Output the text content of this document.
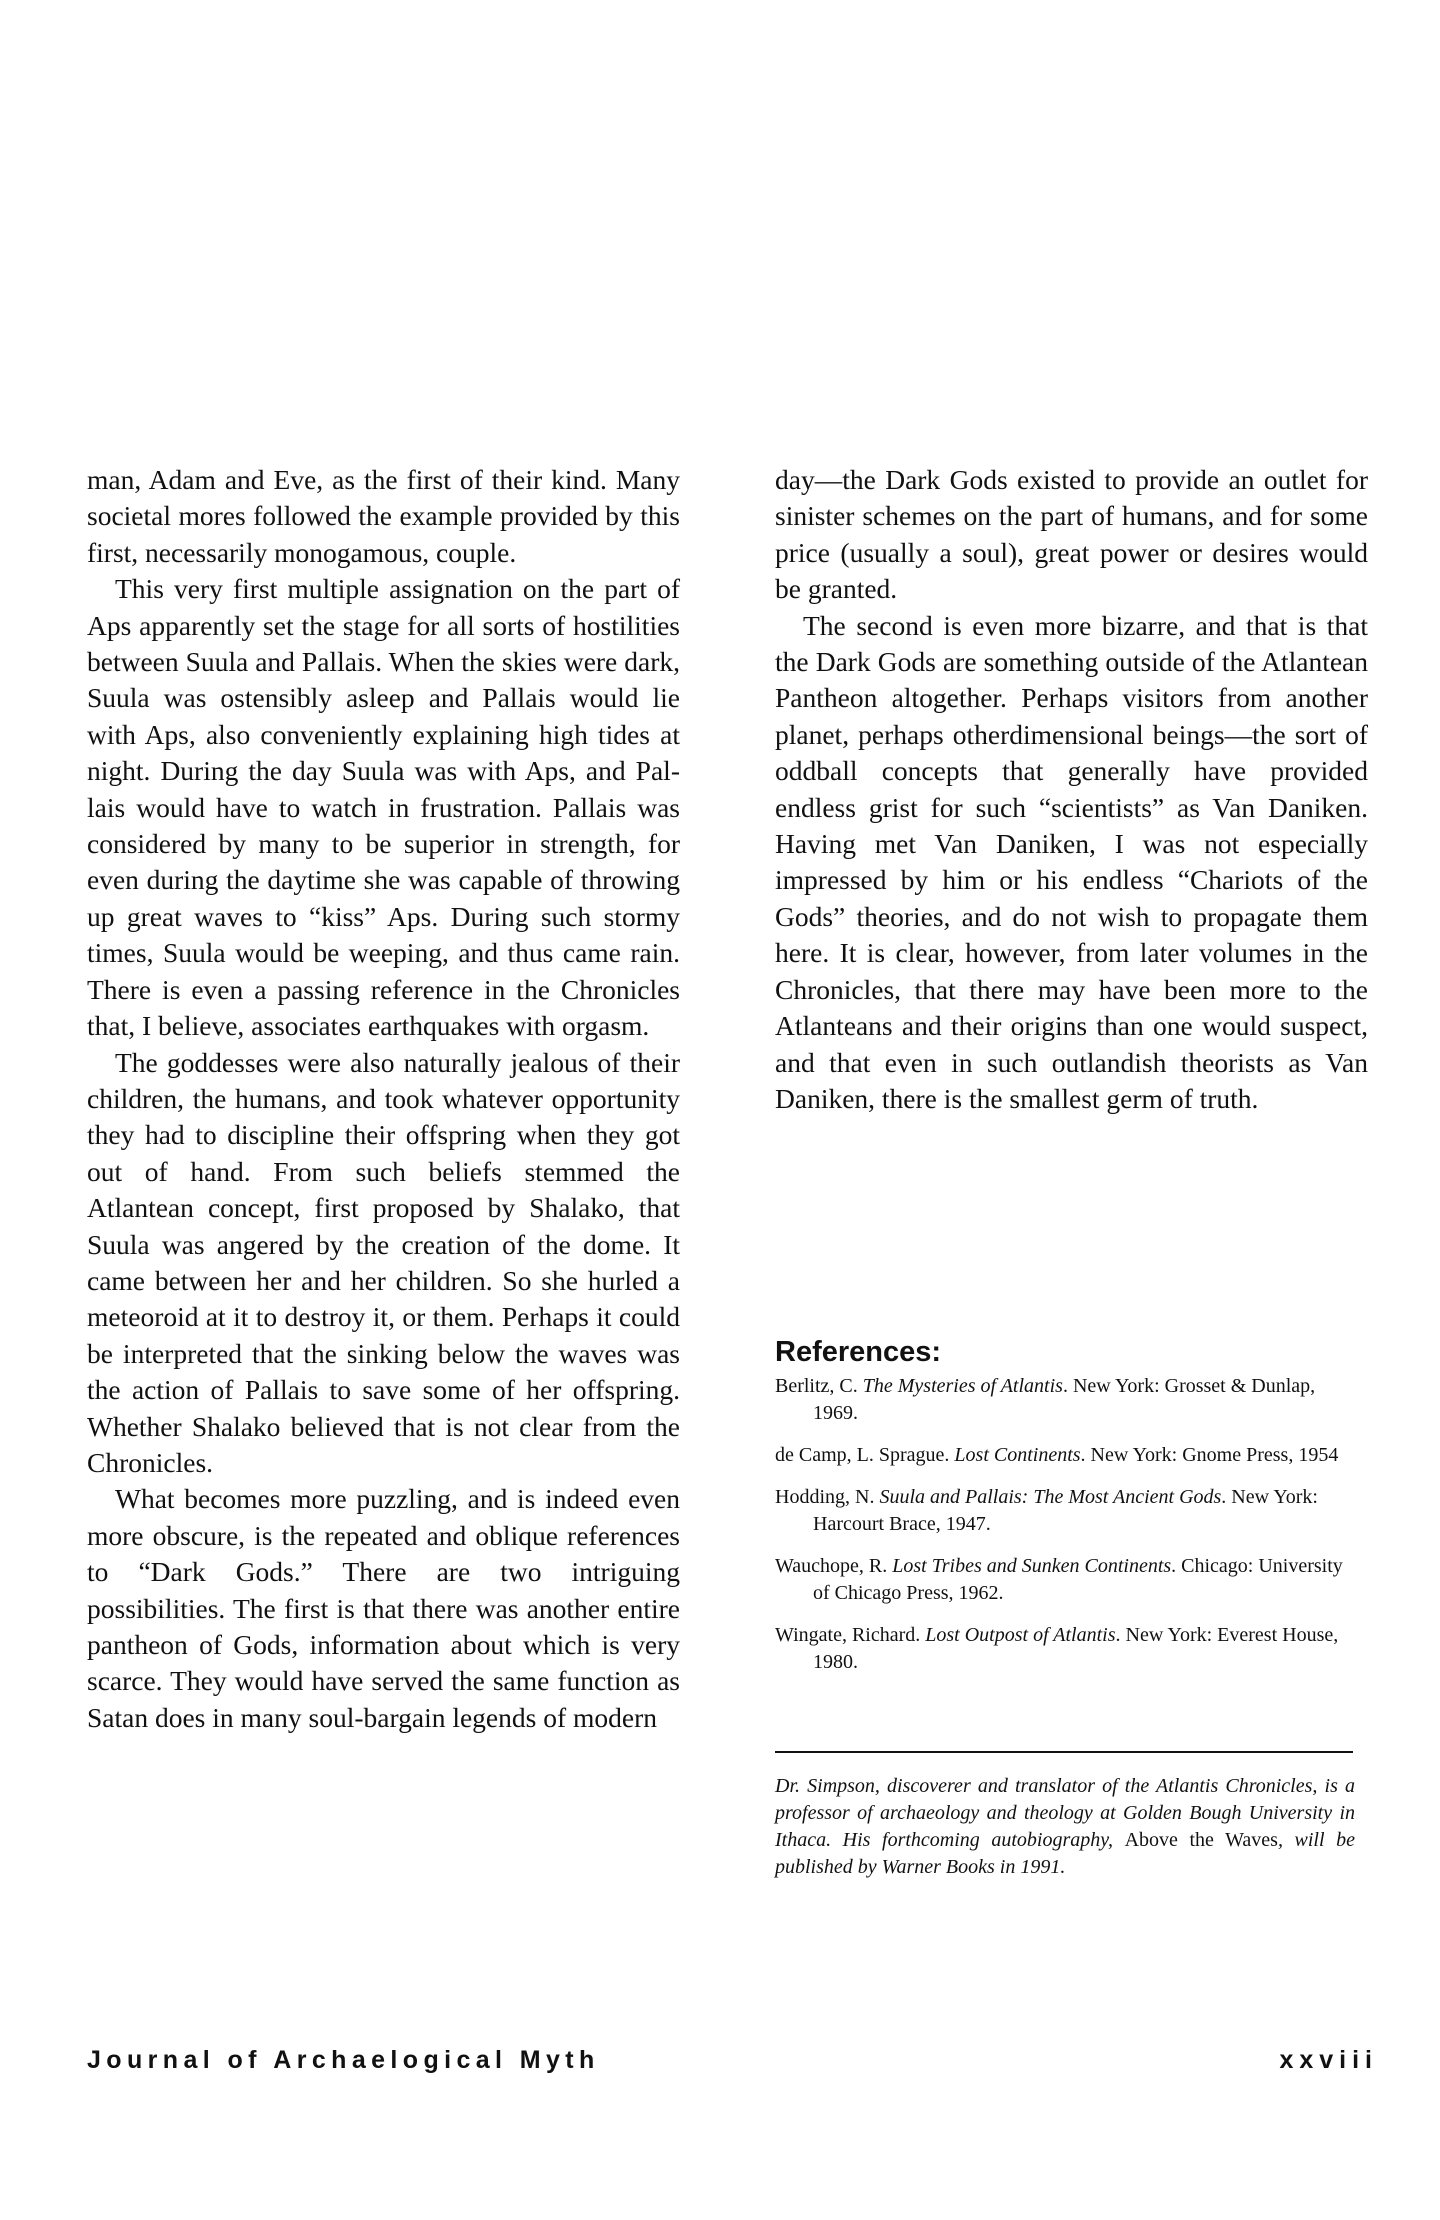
man, Adam and Eve, as the first of their kind. Many societal mores followed the example provided by this first, necessarily monogamous, couple.

This very first multiple assignation on the part of Aps apparently set the stage for all sorts of hostilities between Suula and Pallais. When the skies were dark, Suula was ostensibly asleep and Pallais would lie with Aps, also conveniently explaining high tides at night. During the day Suula was with Aps, and Pallais would have to watch in frustration. Pallais was considered by many to be superior in strength, for even during the daytime she was capable of throwing up great waves to “kiss” Aps. During such stormy times, Suula would be weeping, and thus came rain. There is even a passing reference in the Chronicles that, I believe, associates earthquakes with orgasm.

The goddesses were also naturally jealous of their children, the humans, and took whatever opportunity they had to discipline their offspring when they got out of hand. From such beliefs stemmed the Atlantean concept, first proposed by Shalako, that Suula was angered by the creation of the dome. It came between her and her children. So she hurled a meteoroid at it to destroy it, or them. Perhaps it could be interpreted that the sinking below the waves was the action of Pallais to save some of her offspring. Whether Shalako believed that is not clear from the Chronicles.

What becomes more puzzling, and is indeed even more obscure, is the repeated and oblique references to “Dark Gods.” There are two intriguing possibilities. The first is that there was another entire pantheon of Gods, information about which is very scarce. They would have served the same function as Satan does in many soul-bargain legends of modern

day—the Dark Gods existed to provide an outlet for sinister schemes on the part of humans, and for some price (usually a soul), great power or desires would be granted.

The second is even more bizarre, and that is that the Dark Gods are something outside of the Atlantean Pantheon altogether. Perhaps visitors from another planet, perhaps otherdimensional beings—the sort of oddball concepts that generally have provided endless grist for such “scientists” as Van Daniken. Having met Van Daniken, I was not especially impressed by him or his endless “Chariots of the Gods” theories, and do not wish to propagate them here. It is clear, however, from later volumes in the Chronicles, that there may have been more to the Atlanteans and their origins than one would suspect, and that even in such outlandish theorists as Van Daniken, there is the smallest germ of truth.

References:
Berlitz, C. The Mysteries of Atlantis. New York: Grosset & Dunlap, 1969.
de Camp, L. Sprague. Lost Continents. New York: Gnome Press, 1954
Hodding, N. Suula and Pallais: The Most Ancient Gods. New York: Harcourt Brace, 1947.
Wauchope, R. Lost Tribes and Sunken Continents. Chicago: University of Chicago Press, 1962.
Wingate, Richard. Lost Outpost of Atlantis. New York: Everest House, 1980.
Dr. Simpson, discoverer and translator of the Atlantis Chronicles, is a professor of archaeology and theology at Golden Bough University in Ithaca. His forthcoming autobiography, Above the Waves, will be published by Warner Books in 1991.
Journal of Archaelogical Myth	xxviii
